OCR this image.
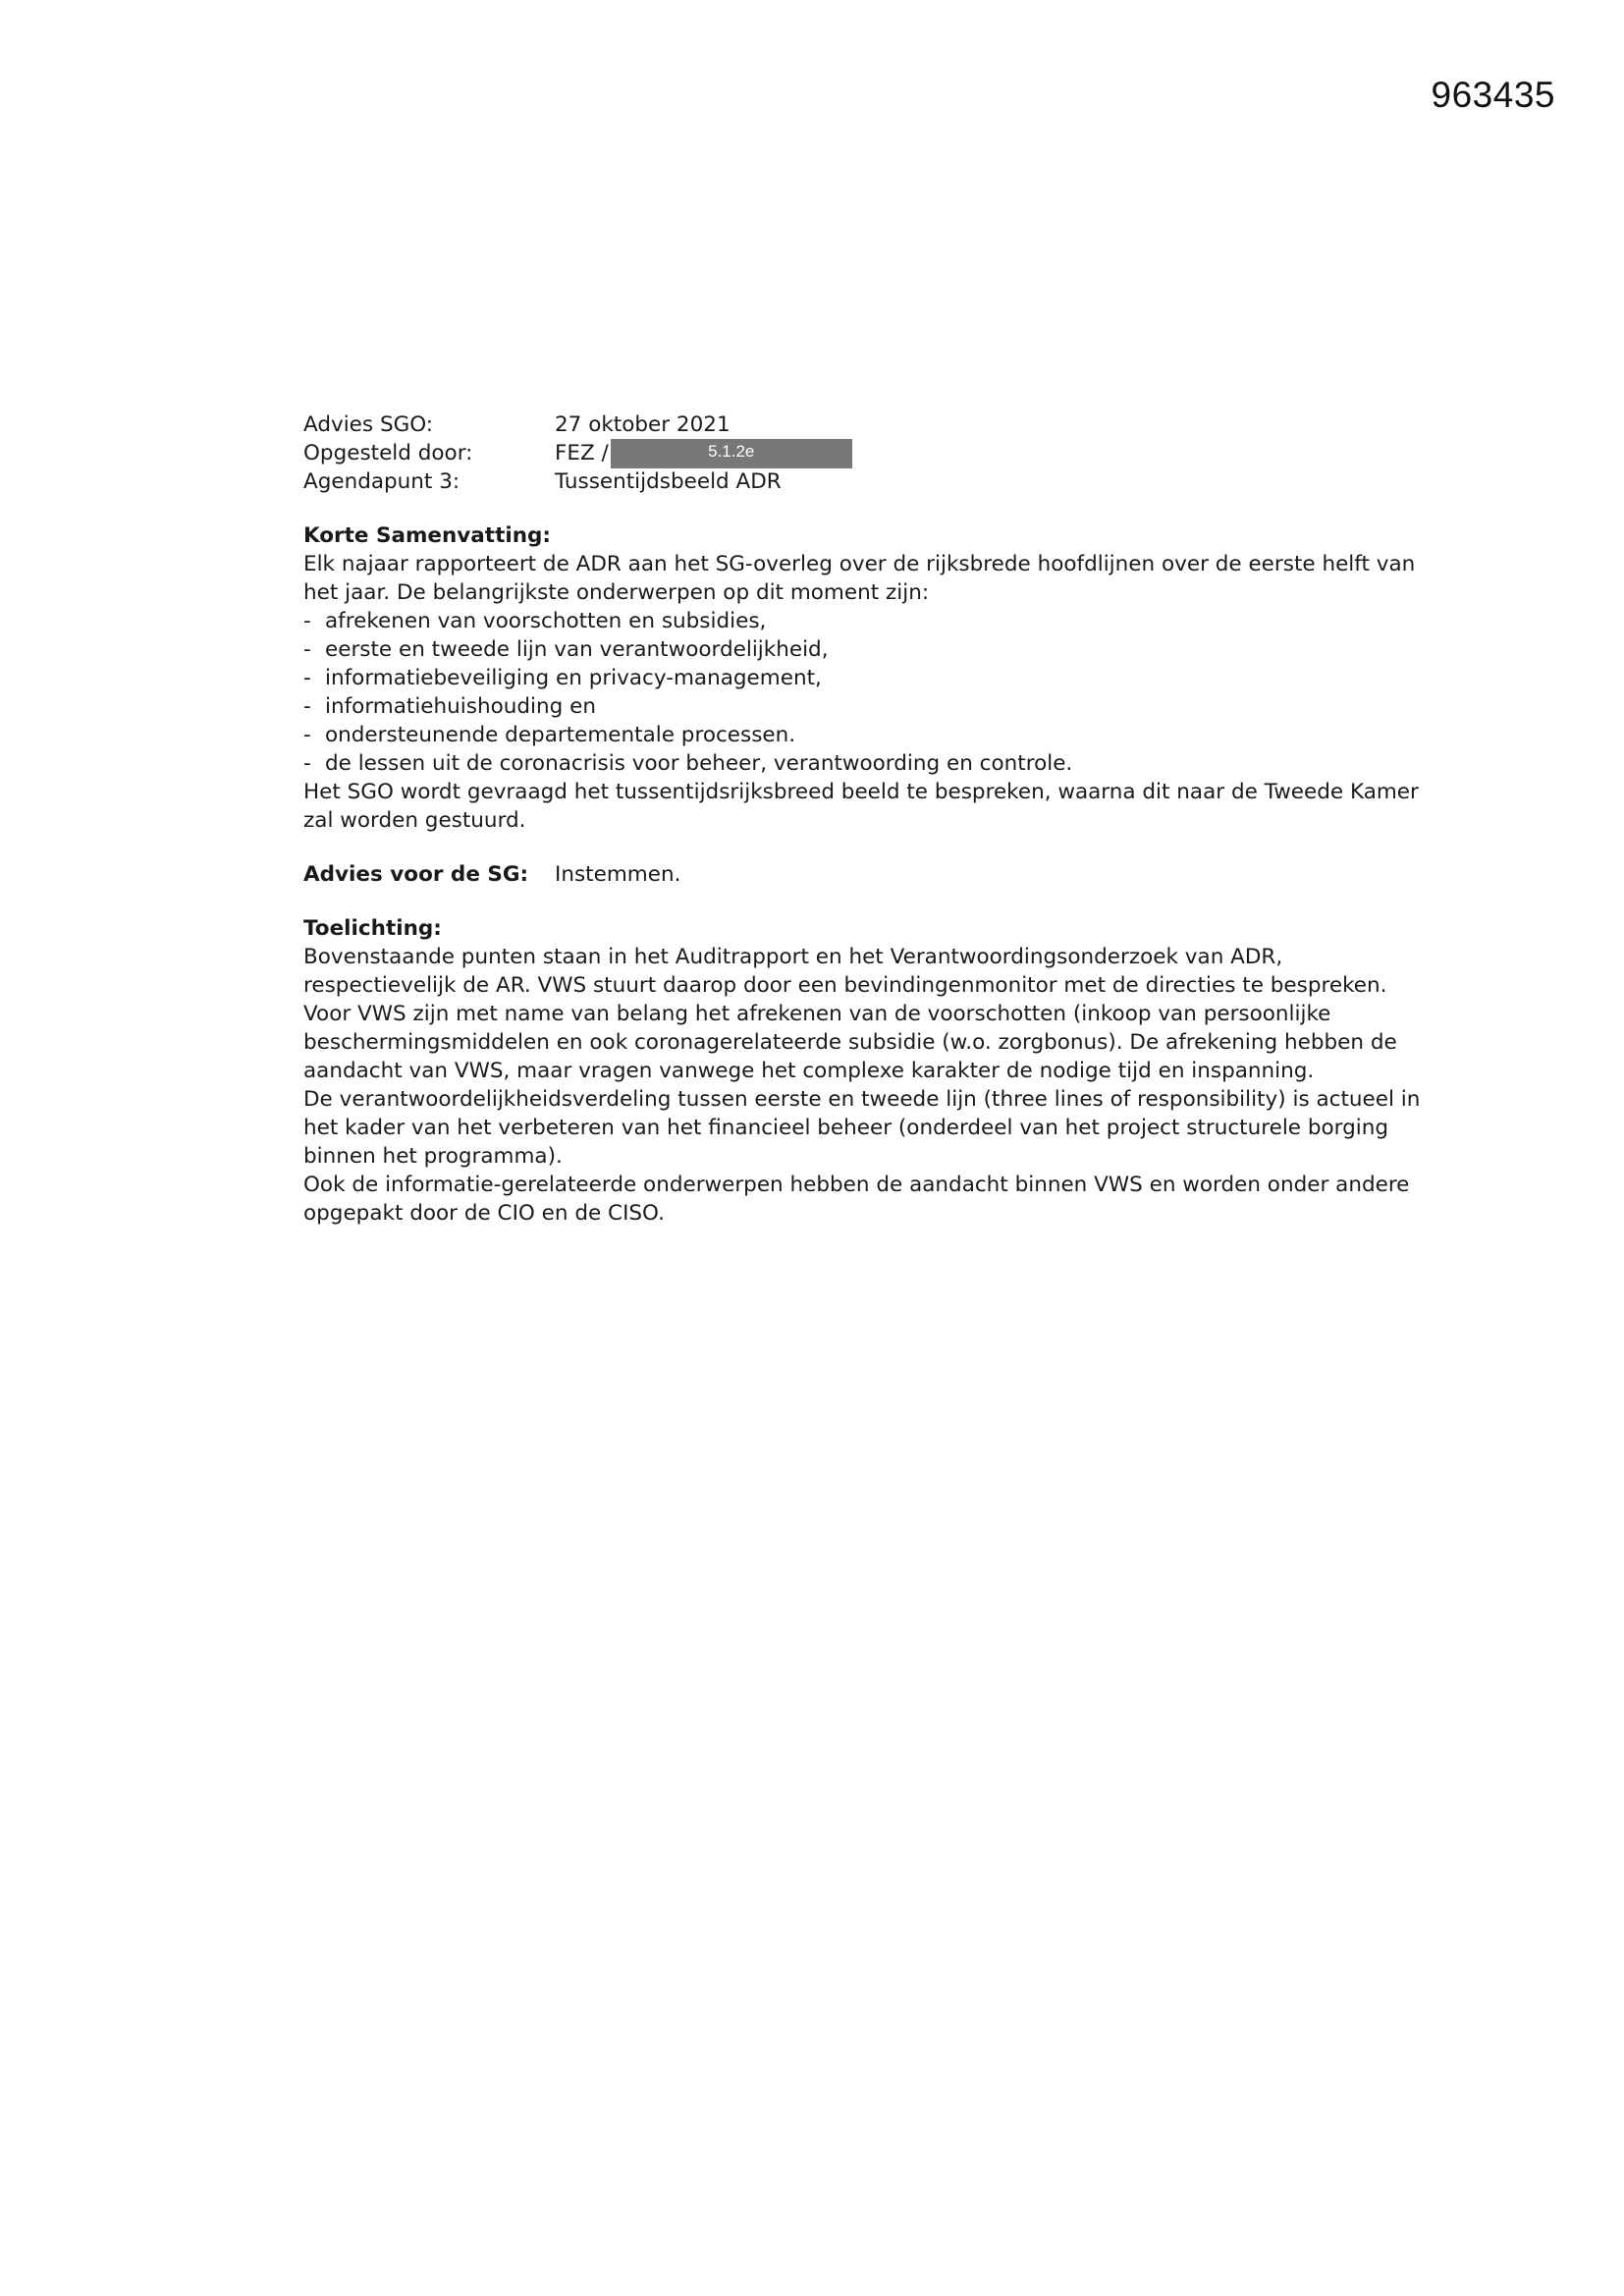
963435
Advies SGO:	27 oktober 2021
Opgesteld door:	FEZ /	5.1.2e
Agendapunt 3:	Tussentijdsbeeld ADR
Korte Samenvatting:

Elk najaar rapporteert de ADR aan het SG-overleg over de rijksbrede hoofdlijnen over de eerste helft van het jaar. De belangrijkste onderwerpen op dit moment zijn:

- afrekenen van voorschotten en subsidies,
- eerste en tweede lijn van verantwoordelijkheid,
- informatiebeveiliging en privacy-management,
- informatiehuishouding en
- ondersteunende departementale processen.
- de lessen uit de coronacrisis voor beheer, verantwoording en controle.

Het SGO wordt gevraagd het tussentijdsrijksbreed beeld te bespreken, waarna dit naar de Tweede Kamer zal worden gestuurd.

Advies voor de SG:	Instemmen.
Toelichting:

Bovenstaande punten staan in het Auditrapport en het Verantwoordingsonderzoek van ADR, respectievelijk de AR. VWS stuurt daarop door een bevindingenmonitor met de directies te bespreken.

Voor VWS zijn met name van belang het afrekenen van de voorschotten (inkoop van persoonlijke beschermingsmiddelen en ook coronagerelateerde subsidie (w.o. zorgbonus). De afrekening hebben de aandacht van VWS, maar vragen vanwege het complexe karakter de nodige tijd en inspanning.

De verantwoordelijkheidsverdeling tussen eerste en tweede lijn (three lines of responsibility) is actueel in het kader van het verbeteren van het financieel beheer (onderdeel van het project structurele borging binnen het programma).

Ook de informatie-gerelateerde onderwerpen hebben de aandacht binnen VWS en worden onder andere opgepakt door de CIO en de CISO.
